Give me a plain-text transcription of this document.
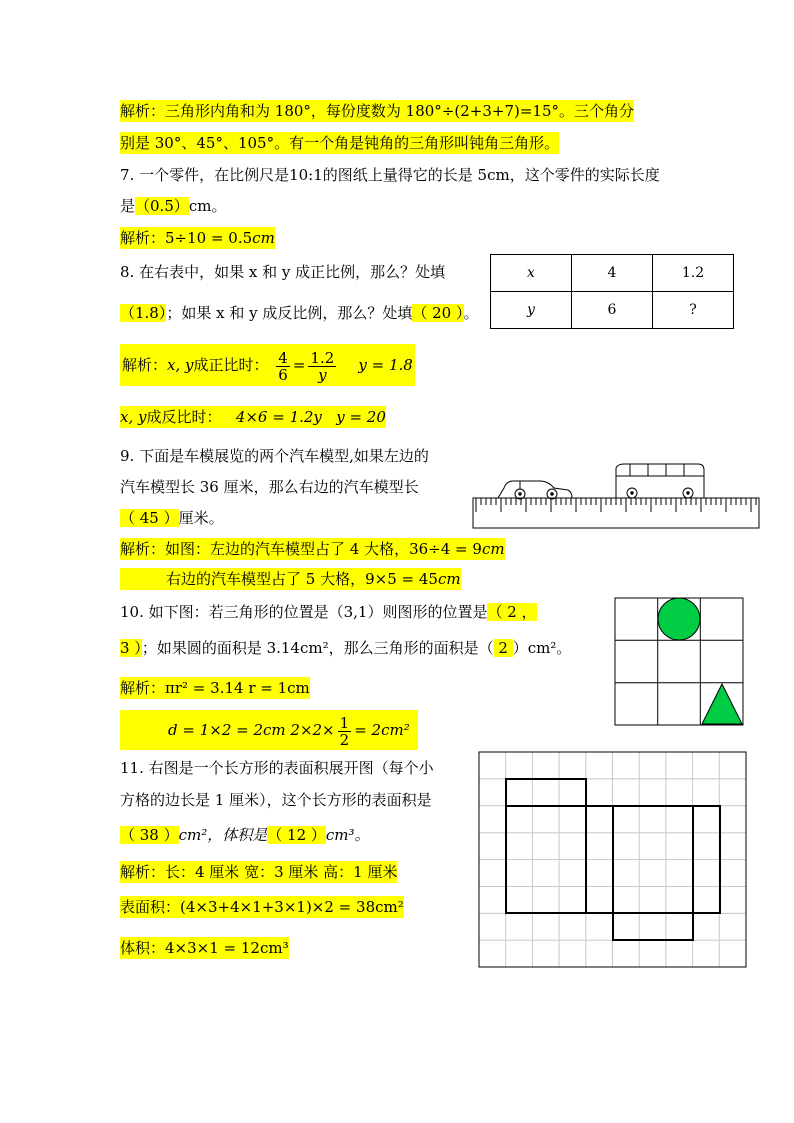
解析：三角形内角和为 180°，每份度数为 180°÷(2+3+7)=15°。三个角分
别是 30°、45°、105°。有一个角是钝角的三角形叫钝角三角形。
7. 一个零件，在比例尺是10:1的图纸上量得它的长是 5cm，这个零件的实际长度
是（0.5）cm。
解析：5÷10 = 0.5cm
8. 在右表中，如果 x 和 y 成正比例，那么？处填
（1.8）；如果 x 和 y 成反比例，那么？处填（ 20 ）。
x	4	1.2
y	6	?
解析：x, y成正比时： $\frac{4}{6} = \frac{1.2}{y}$ y = 1.8
x, y成反比时： 4×6 = 1.2y y = 20
9. 下面是车模展览的两个汽车模型,如果左边的
汽车模型长 36 厘米，那么右边的汽车模型长
（ 45 ）厘米。
解析：如图：左边的汽车模型占了 4 大格，36÷4 = 9cm
右边的汽车模型占了 5 大格，9×5 = 45cm
10. 如下图：若三角形的位置是（3,1）则图形的位置是（ 2 ，
3 ）；如果圆的面积是 3.14cm²，那么三角形的面积是（ 2 ）cm²。
解析：πr² = 3.14 r = 1cm
d = 1×2 = 2cm $2\times 2\times \frac{1}{2} = 2cm^2$
11. 右图是一个长方形的表面积展开图（每个小
方格的边长是 1 厘米），这个长方形的表面积是
（ 38 ）cm²，体积是（ 12 ）cm³。
解析：长：4 厘米 宽：3 厘米 高：1 厘米
表面积：(4×3+4×1+3×1)×2 = 38cm²
体积：4×3×1 = 12cm³
